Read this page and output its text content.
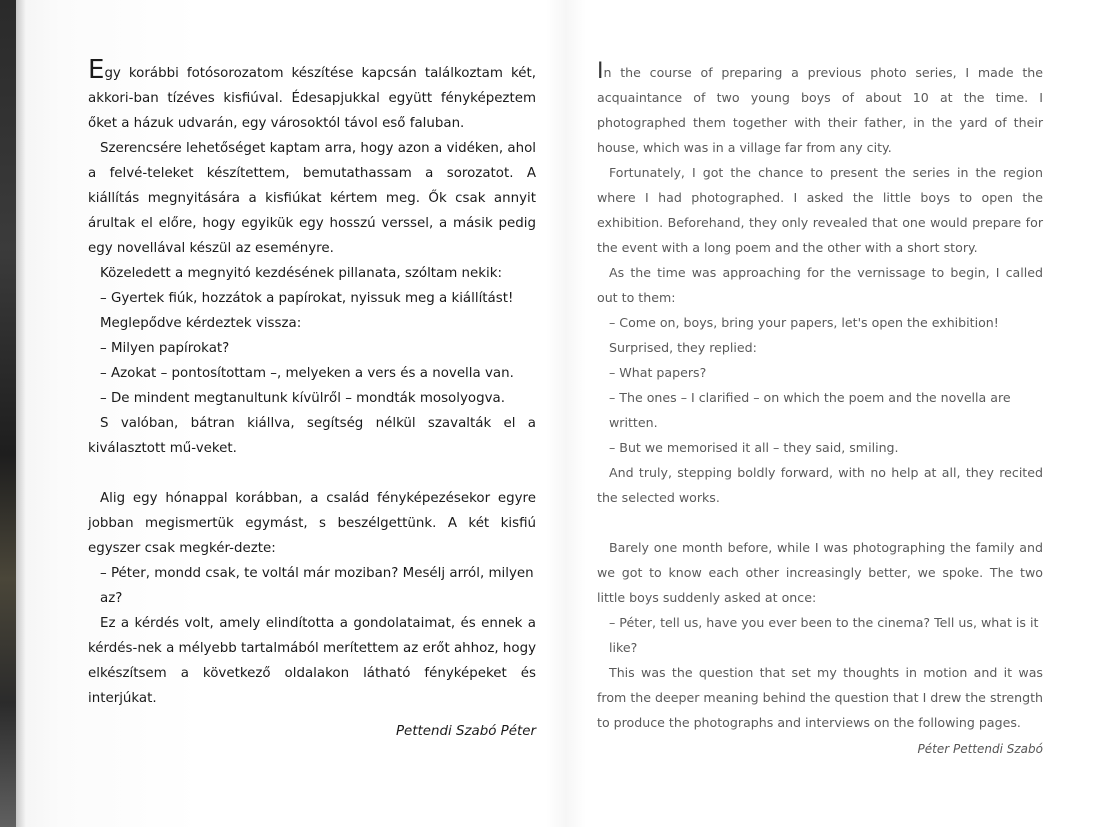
Egy korábbi fotósorozatom készítése kapcsán találkoztam két, akkori-ban tízéves kisfiúval. Édesapjukkal együtt fényképeztem őket a házuk udvarán, egy városoktól távol eső faluban.

Szerencsére lehetőséget kaptam arra, hogy azon a vidéken, ahol a felvé-teleket készítettem, bemutathassam a sorozatot. A kiállítás megnyitására a kisfiúkat kértem meg. Ők csak annyit árultak el előre, hogy egyikük egy hosszú verssel, a másik pedig egy novellával készül az eseményre.

Közeledett a megnyitó kezdésének pillanata, szóltam nekik:

– Gyertek fiúk, hozzátok a papírokat, nyissuk meg a kiállítást!

Meglepődve kérdeztek vissza:

– Milyen papírokat?

– Azokat – pontosítottam –, melyeken a vers és a novella van.

– De mindent megtanultunk kívülről – mondták mosolyogva.

S valóban, bátran kiállva, segítség nélkül szavalták el a kiválasztott mű-veket.

Alig egy hónappal korábban, a család fényképezésekor egyre jobban megismertük egymást, s beszélgettünk. A két kisfiú egyszer csak megkér-dezte:

– Péter, mondd csak, te voltál már moziban? Mesélj arról, milyen az?

Ez a kérdés volt, amely elindította a gondolataimat, és ennek a kérdés-nek a mélyebb tartalmából merítettem az erőt ahhoz, hogy elkészítsem a következő oldalakon látható fényképeket és interjúkat.

Pettendi Szabó Péter

In the course of preparing a previous photo series, I made the acquaintance of two young boys of about 10 at the time. I photographed them together with their father, in the yard of their house, which was in a village far from any city.

Fortunately, I got the chance to present the series in the region where I had photographed. I asked the little boys to open the exhibition. Beforehand, they only revealed that one would prepare for the event with a long poem and the other with a short story.

As the time was approaching for the vernissage to begin, I called out to them:

– Come on, boys, bring your papers, let's open the exhibition!

Surprised, they replied:

– What papers?

– The ones – I clarified – on which the poem and the novella are written.

– But we memorised it all – they said, smiling.

And truly, stepping boldly forward, with no help at all, they recited the selected works.

Barely one month before, while I was photographing the family and we got to know each other increasingly better, we spoke. The two little boys suddenly asked at once:

– Péter, tell us, have you ever been to the cinema? Tell us, what is it like?

This was the question that set my thoughts in motion and it was from the deeper meaning behind the question that I drew the strength to produce the photographs and interviews on the following pages.

Péter Pettendi Szabó
